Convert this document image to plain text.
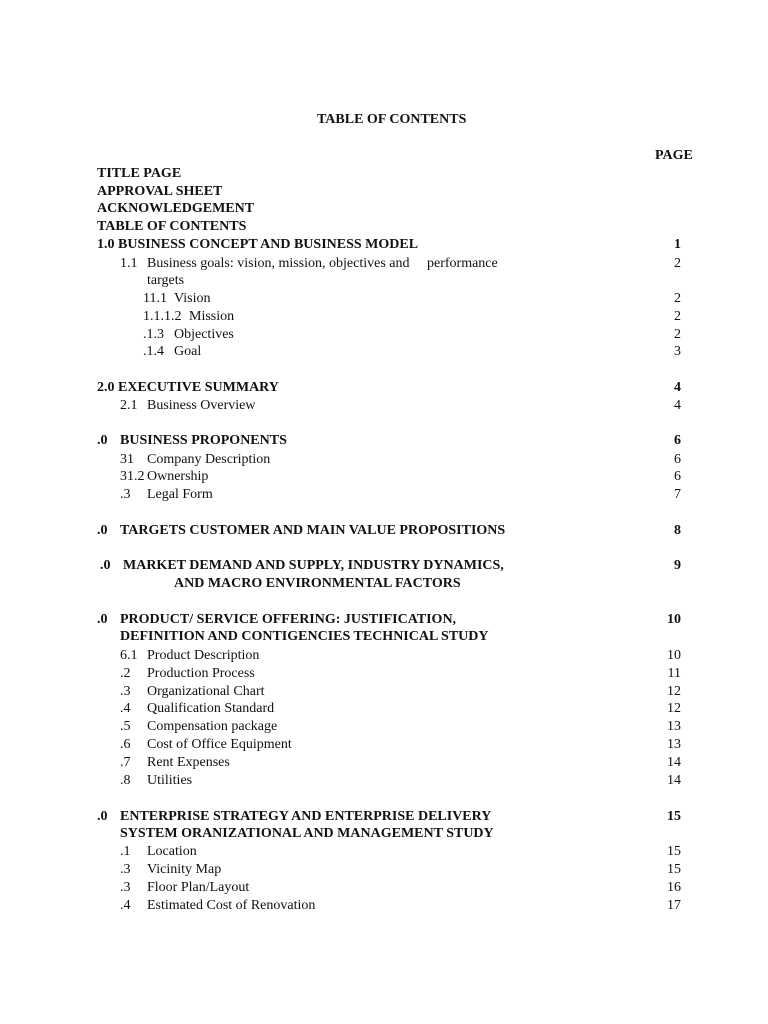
TABLE OF CONTENTS
PAGE
TITLE PAGE
APPROVAL SHEET
ACKNOWLEDGEMENT
TABLE OF CONTENTS
1.0 BUSINESS CONCEPT AND BUSINESS MODEL	1
1.1 Business goals: vision, mission, objectives and     performance	2
targets
11.1 Vision	2
1.1.1.2 Mission	2
.1.3 Objectives	2
.1.4 Goal	3
2.0 EXECUTIVE SUMMARY	4
2.1 Business Overview	4
.0 BUSINESS PROPONENTS	6
31 Company Description	6
31.2 Ownership	6
.3 Legal Form	7
.0 TARGETS CUSTOMER AND MAIN VALUE PROPOSITIONS	8
.0 MARKET DEMAND AND SUPPLY, INDUSTRY DYNAMICS,	9
AND MACRO ENVIRONMENTAL FACTORS
.0 PRODUCT/ SERVICE OFFERING: JUSTIFICATION,	10
DEFINITION AND CONTIGENCIES TECHNICAL STUDY
6.1 Product Description	10
.2 Production Process	11
.3 Organizational Chart	12
.4 Qualification Standard	12
.5 Compensation package	13
.6 Cost of Office Equipment	13
.7 Rent Expenses	14
.8 Utilities	14
.0 ENTERPRISE STRATEGY AND ENTERPRISE DELIVERY	15
SYSTEM ORANIZATIONAL AND MANAGEMENT STUDY
.1 Location	15
.3 Vicinity Map	15
.3 Floor Plan/Layout	16
.4 Estimated Cost of Renovation	17
